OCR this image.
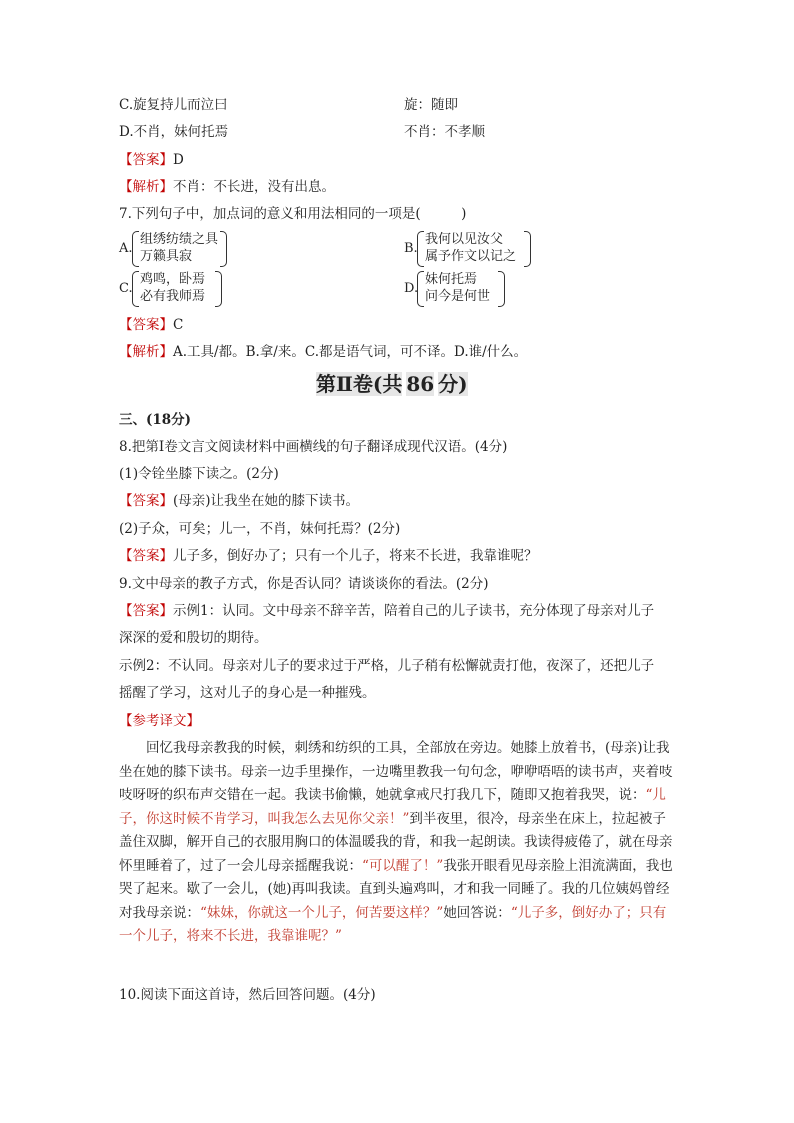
C.旋复持儿而泣曰	旋：随即
D.不肖，妹何托焉	不肖：不孝顺
【答案】D
【解析】不肖：不长进，没有出息。
7.下列句子中，加点词的意义和用法相同的一项是(　　　)
A.
组绣纺绩之具
万籁具寂
B.
我何以见汝父
属予作文以记之
C.
鸡鸣，卧焉
必有我师焉
D.
妹何托焉
问今是何世
【答案】C
【解析】A.工具/都。B.拿/来。C.都是语气词，可不译。D.谁/什么。
第Ⅱ卷(共 86 分)
三、(18分)
8.把第Ⅰ卷文言文阅读材料中画横线的句子翻译成现代汉语。(4分)
(1)令铨坐膝下读之。(2分)
【答案】(母亲)让我坐在她的膝下读书。
(2)子众，可矣；儿一，不肖，妹何托焉？(2分)
【答案】儿子多，倒好办了；只有一个儿子，将来不长进，我靠谁呢？
9.文中母亲的教子方式，你是否认同？请谈谈你的看法。(2分)
【答案】示例1：认同。文中母亲不辞辛苦，陪着自己的儿子读书，充分体现了母亲对儿子
深深的爱和殷切的期待。
示例2：不认同。母亲对儿子的要求过于严格，儿子稍有松懈就责打他，夜深了，还把儿子
摇醒了学习，这对儿子的身心是一种摧残。
【参考译文】
回忆我母亲教我的时候，刺绣和纺织的工具，全部放在旁边。她膝上放着书，(母亲)让我坐在她的膝下读书。母亲一边手里操作，一边嘴里教我一句句念，咿咿唔唔的读书声，夹着吱吱呀呀的织布声交错在一起。我读书偷懒，她就拿戒尺打我几下，随即又抱着我哭，说：“儿子，你这时候不肯学习，叫我怎么去见你父亲！”到半夜里，很冷，母亲坐在床上，拉起被子盖住双脚，解开自己的衣服用胸口的体温暖我的背，和我一起朗读。我读得疲倦了，就在母亲怀里睡着了，过了一会儿母亲摇醒我说：“可以醒了！”我张开眼看见母亲脸上泪流满面，我也哭了起来。歇了一会儿，(她)再叫我读。直到头遍鸡叫，才和我一同睡了。我的几位姨妈曾经对我母亲说：“妹妹，你就这一个儿子，何苦要这样？”她回答说：“儿子多，倒好办了；只有一个儿子，将来不长进，我靠谁呢？”
10.阅读下面这首诗，然后回答问题。(4分)
